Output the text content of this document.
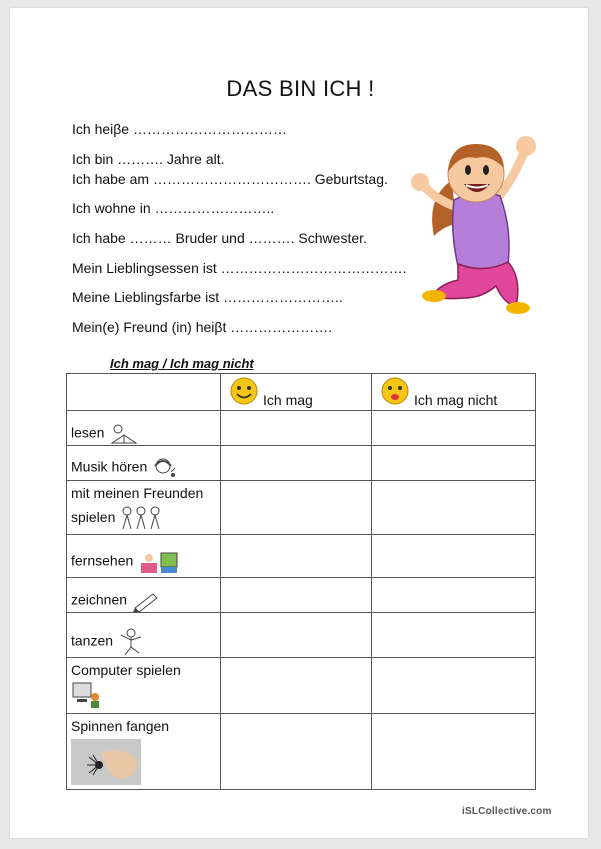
DAS BIN ICH !
Ich heiβe ……………………………
Ich bin ………. Jahre alt.
Ich habe am ……………………………. Geburtstag.
Ich wohne in ……………………..
Ich habe ……… Bruder und ………. Schwester.
Mein Lieblingsessen ist ………………………………….
Meine Lieblingsfarbe ist ……………………..
Mein(e) Freund (in) heiβt ………………….
Ich mag / Ich mag nicht

	Ich mag	Ich mag nicht

lesen		

Musik hören		

mit meinen Freunden
spielen		

fernsehen		

zeichnen		

tanzen		

Computer spielen		

Spinnen fangen		

iSLCollective.com
